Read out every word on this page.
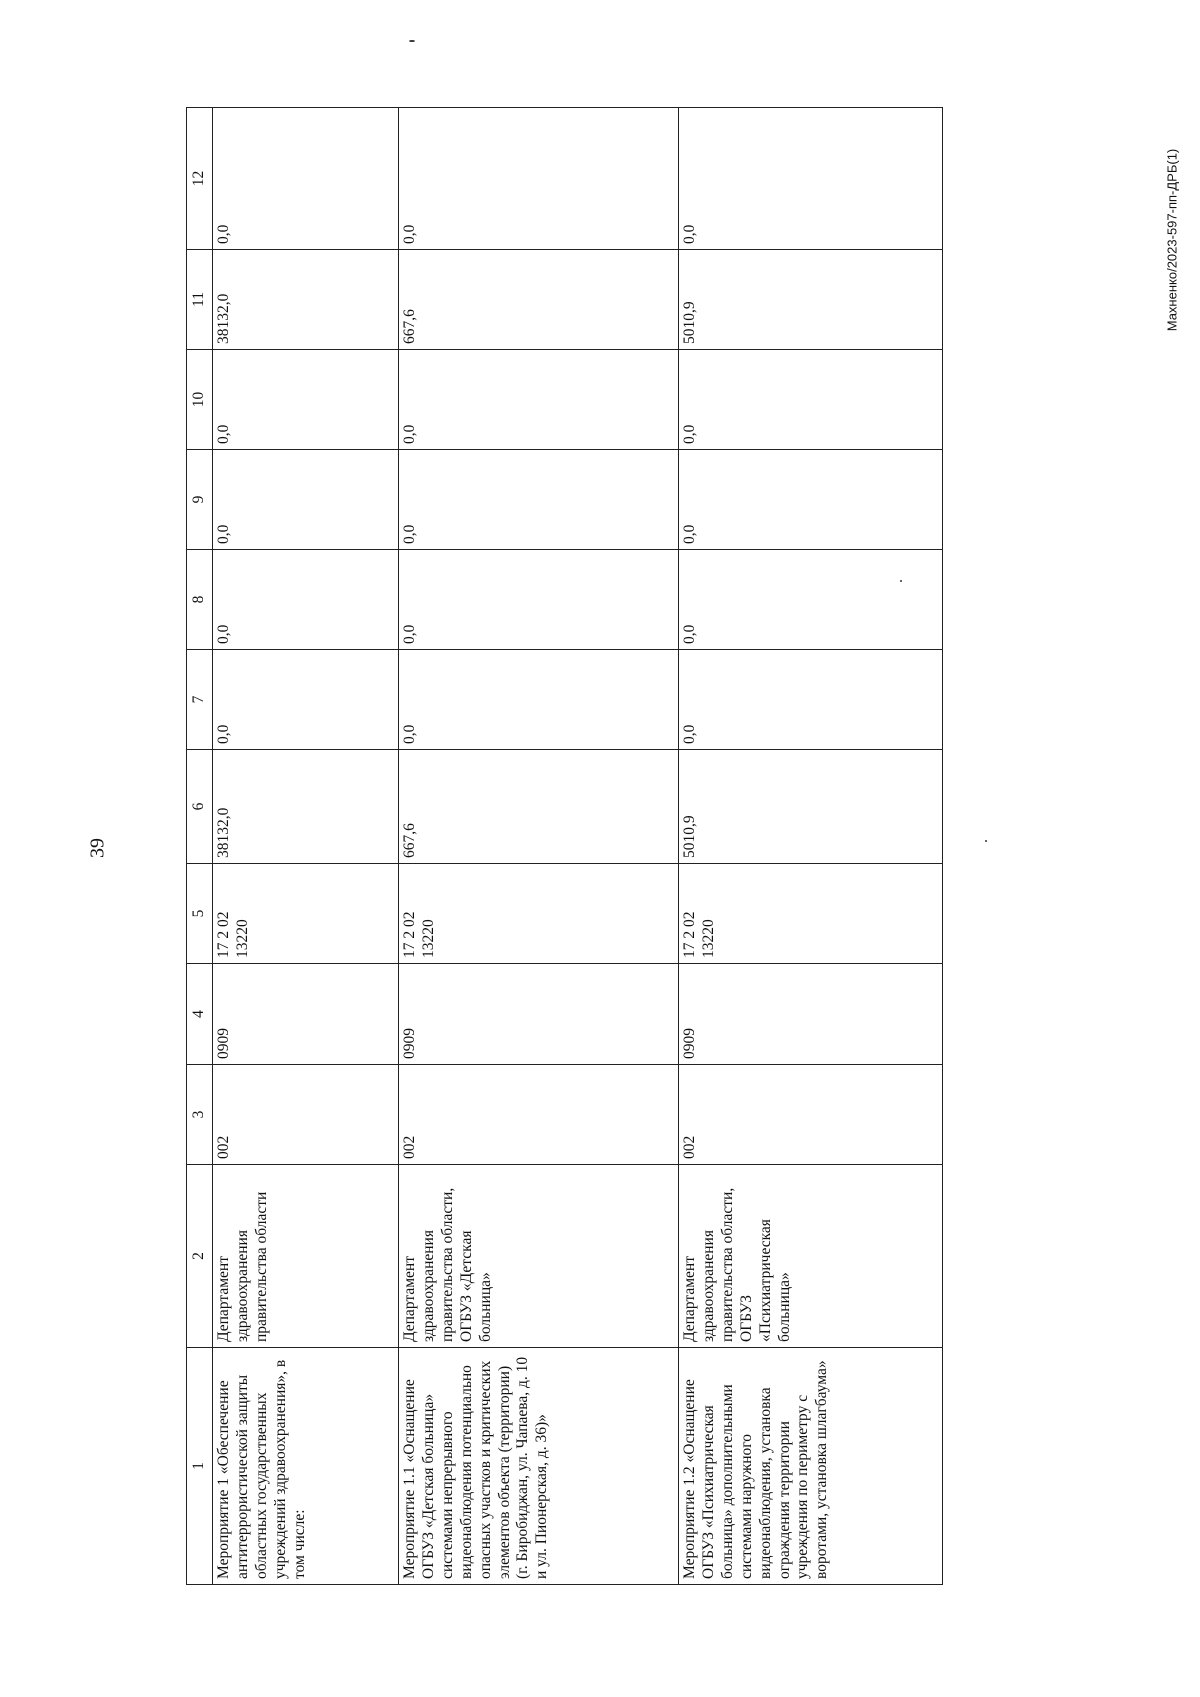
39
Махненко/2023-597-пп-ДРБ(1)
1	2	3	4	5	6	7	8	9	10	11	12
Мероприятие 1 «Обеспечение антитеррористической защиты областных государственных учреждений здравоохранения», в том числе:	Департамент здравоохранения правительства области	002	0909	17 2 02 13220	38132,0	0,0	0,0	0,0	0,0	38132,0	0,0
Мероприятие 1.1 «Оснащение ОГБУЗ «Детская больница» системами непрерывного видеонаблюдения потенциально опасных участков и критических элементов объекта (территории) (г. Биробиджан, ул. Чапаева, д. 10 и ул. Пионерская, д. 36)»	Департамент здравоохранения правительства области, ОГБУЗ «Детская больница»	002	0909	17 2 02 13220	667,6	0,0	0,0	0,0	0,0	667,6	0,0
Мероприятие 1.2 «Оснащение ОГБУЗ «Психиатрическая больница» дополнительными системами наружного видеонаблюдения, установка ограждения территории учреждения по периметру с воротами, установка шлагбаума»	Департамент здравоохранения правительства области, ОГБУЗ «Психиатрическая больница»	002	0909	17 2 02 13220	5010,9	0,0	0,0	0,0	0,0	5010,9	0,0
